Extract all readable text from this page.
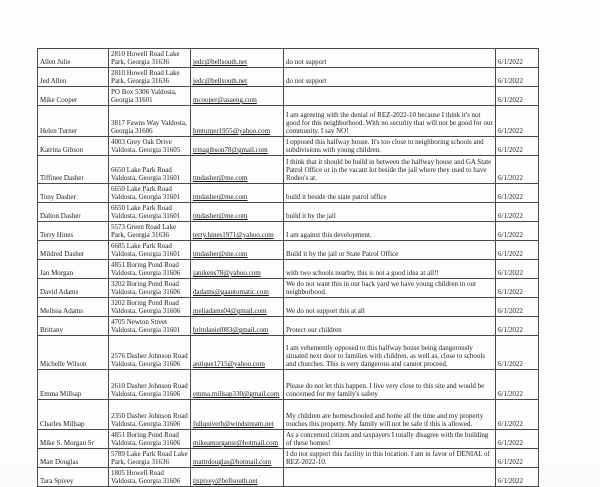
Allen Julie	2810 Howell Road Lake Park, Georgia 31636	jedc@bellsouth.net	do not support	6/1/2022
Jed Allen	2810 Howell Road Lake Park, Georgia 31636	jedc@bellsouth.net	do not support	6/1/2022
Mike Cooper	PO Box 5306 Valdosta, Georgia 31601	mcooper@asaeng.com		6/1/2022
Helen Turner	3817 Fawns Way Valdosta, Georgia 31606	hmturner1955@yahoo.com	I am agreeing with the denial of REZ-2022-10 because I think it's not good for this neighborhood. With no security that will not be good for our community. I say NO!	6/1/2022
Katrina Gibson	4003 Grey Oak Drive Valdosta, Georgia 31605	trinagibson78@gmail.com	I opposed this halfway house. It's too close to neighboring schools and subdivisions with young children.	6/1/2022
Tiffinee Dasher	6650 Lake Park Road Valdosta, Georgia 31601	tmdasher@me.com	I think that it should be build in between the halfway house and GA State Patrol Office or in the vacant lot beside the jail where they used to have Rodeo's at.	6/1/2022
Tony Dasher	6650 Lake Park Road Valdosta, Georgia 31601	tmdasher@me.com	build it beside the state patrol office	6/1/2022
Dalton Dasher	6650 Lake Park Road Valdosta, Georgia 31601	tmdasher@me.com	build it by the jail	6/1/2022
Terry Hines	5573 Green Road Lake Park, Georgia 31636	terry.hines1971@yahoo.com	I am against this development.	6/1/2022
Mildred Dasher	6685 Lake Park Road Valdosta, Georgia 31601	tmdasher@me.com	Build it by the jail or State Patrol Office	6/1/2022
Jan Morgan	4851 Boring Pond Road Valdosta, Georgia 31606	janikens78@yahoo.com	with two schools nearby, this is not a good idea at all!!	6/1/2022
David Adams	3202 Boring Pond Road Valdosta, Georgia 31606	dadams@gaautomatic.com	We do not want this in our back yard we have young children in our neighborhood.	6/1/2022
Melissa Adams	3202 Boring Pond Road Valdosta, Georgia 31606	meliadams04@gmail.com	We do not support this at all	6/1/2022
Brittany	4705 Newton Street Valdosta, Georgia 31601	brittdaniel083@gmail.com	Protect our children	6/1/2022
Michelle Wilson	2576 Dasher Johnson Road Valdosta, Georgia 31606	antique1715@yahoo.com	I am vehemently opposed to this halfway house being dangerously situated next door to families with children, as well as, close to schools and churches. This is very dangerous and cannot proceed.	6/1/2022
Emma Millsap	2610 Dasher Johnson Road Valdosta, Georgia 31606	emma.millsap330@gmail.com	Please do not let this happen. I live very close to this site and would be concerned for my family's safety	6/1/2022
Charles Millsap	2350 Dasher Johnson Road Valdosta, Georgia 31606	fullquiverb@windstream.net	My children are homeschooled and home all the time and my property touches this property. My family will not be safe if this is allowed.	6/1/2022
Mike S. Morgan Sr	4851 Boring Pond Road Valdosta, Georgia 31606	mikeamorgansr@hotmail.com	As a concerned citizen and taxpayers I totally disagree with the building of these homes!	6/1/2022
Matt Douglas	5789 Lake Park Road Lake Park, Georgia 31636	mattrdouglas@hotmail.com	I do not support this facility in this location. I am in favor of DENIAL of REZ-2022-10.	6/1/2022
Tara Spivey	1805 Howell Road Valdosta, Georgia 31606	tjspivey@bellsouth.net		6/1/2022
